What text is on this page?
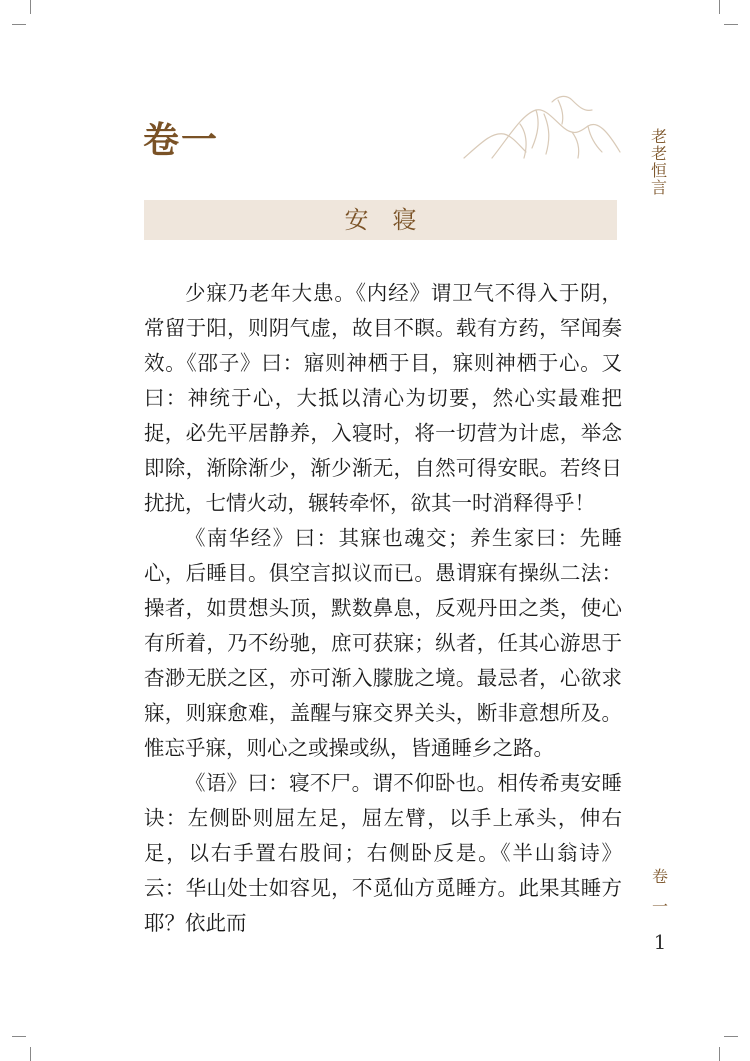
卷一	老老恒言
安寝

少寐乃老年大患。《内经》谓卫气不得入于阴，常留于阳，则阴气虚，故目不瞑。载有方药，罕闻奏效。《邵子》曰：寤则神栖于目，寐则神栖于心。又曰：神统于心，大抵以清心为切要，然心实最难把捉，必先平居静养，入寝时，将一切营为计虑，举念即除，渐除渐少，渐少渐无，自然可得安眠。若终日扰扰，七情火动，辗转牵怀，欲其一时消释得乎！

《南华经》曰：其寐也魂交；养生家曰：先睡心，后睡目。俱空言拟议而已。愚谓寐有操纵二法：操者，如贯想头顶，默数鼻息，反观丹田之类，使心有所着，乃不纷驰，庶可获寐；纵者，任其心游思于杳渺无朕之区，亦可渐入朦胧之境。最忌者，心欲求寐，则寐愈难，盖醒与寐交界关头，断非意想所及。惟忘乎寐，则心之或操或纵，皆通睡乡之路。

《语》曰：寝不尸。谓不仰卧也。相传希夷安睡诀：左侧卧则屈左足，屈左臂，以手上承头，伸右足，以右手置右股间；右侧卧反是。《半山翁诗》云：华山处士如容见，不觅仙方觅睡方。此果其睡方耶？依此而

卷一
1
